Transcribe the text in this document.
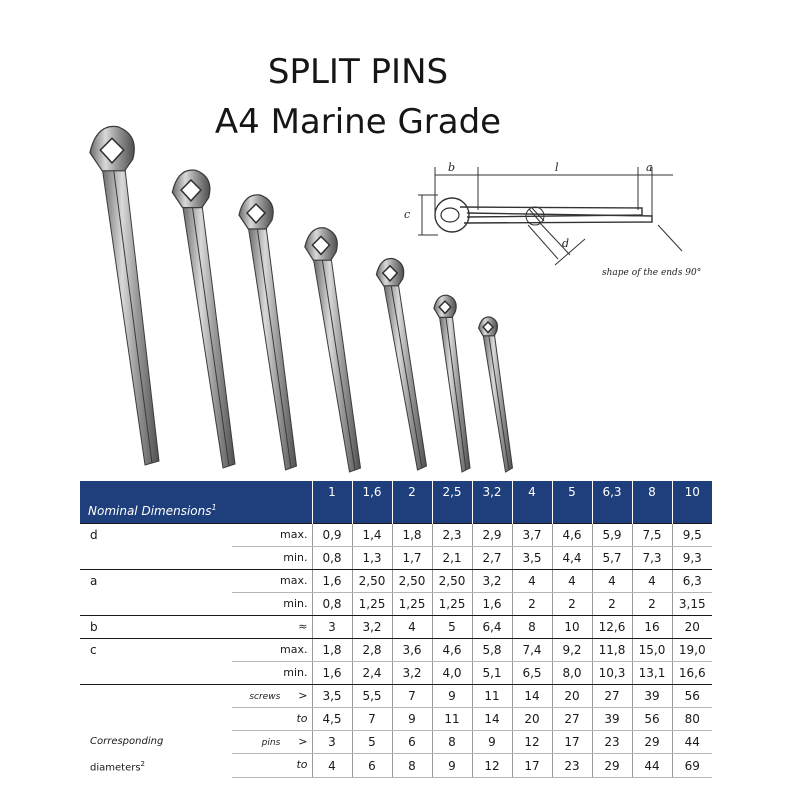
SPLIT PINS
A4 Marine Grade
b	l	a
c
d
shape of the ends 90°
Nominal Dimensions$^1$		1	1,6	2	2,5	3,2	4	5	6,3	8	10
d	max.	0,9	1,4	1,8	2,3	2,9	3,7	4,6	5,9	7,5	9,5
	min.	0,8	1,3	1,7	2,1	2,7	3,5	4,4	5,7	7,3	9,3
a	max.	1,6	2,50	2,50	2,50	3,2	4	4	4	4	6,3
	min.	0,8	1,25	1,25	1,25	1,6	2	2	2	2	3,15
b	≈	3	3,2	4	5	6,4	8	10	12,6	16	20
c	max.	1,8	2,8	3,6	4,6	5,8	7,4	9,2	11,8	15,0	19,0
	min.	1,6	2,4	3,2	4,0	5,1	6,5	8,0	10,3	13,1	16,6
	screws >	3,5	5,5	7	9	11	14	20	27	39	56
	to	4,5	7	9	11	14	20	27	39	56	80
Corresponding	pins >	3	5	6	8	9	12	17	23	29	44
diameters$^2$	to	4	6	8	9	12	17	23	29	44	69
